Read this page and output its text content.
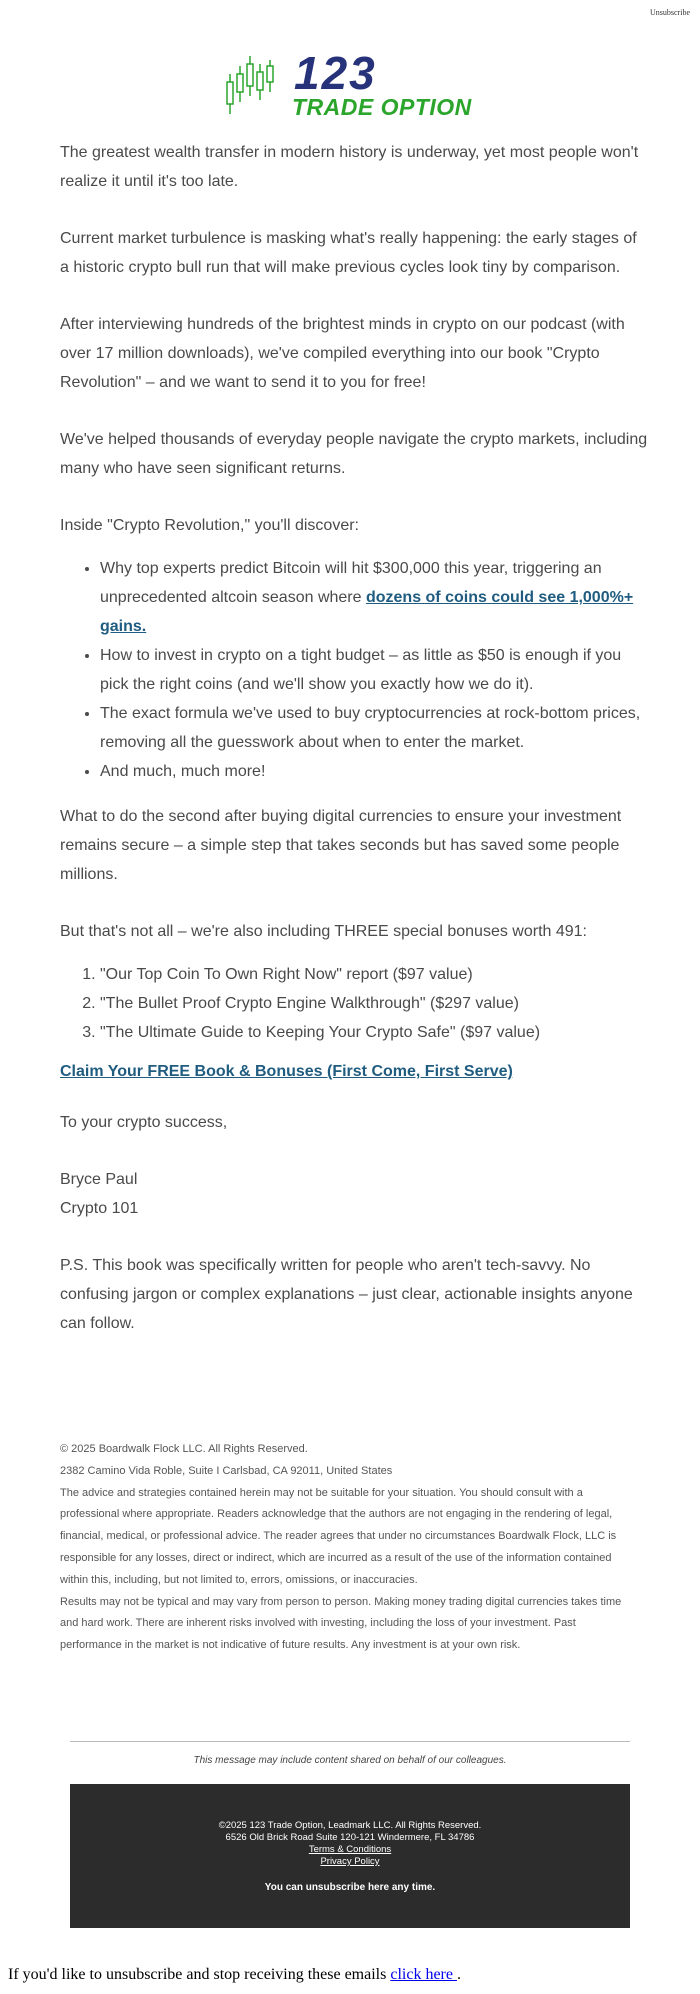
Unsubscribe
123
TRADE OPTION

The greatest wealth transfer in modern history is underway, yet most people won't realize it until it's too late.

Current market turbulence is masking what's really happening: the early stages of a historic crypto bull run that will make previous cycles look tiny by comparison.

After interviewing hundreds of the brightest minds in crypto on our podcast (with over 17 million downloads), we've compiled everything into our book "Crypto Revolution" – and we want to send it to you for free!

We've helped thousands of everyday people navigate the crypto markets, including many who have seen significant returns.

Inside "Crypto Revolution," you'll discover:

• Why top experts predict Bitcoin will hit $300,000 this year, triggering an unprecedented altcoin season where dozens of coins could see 1,000%+ gains.
• How to invest in crypto on a tight budget – as little as $50 is enough if you pick the right coins (and we'll show you exactly how we do it).
• The exact formula we've used to buy cryptocurrencies at rock-bottom prices, removing all the guesswork about when to enter the market.
• And much, much more!

What to do the second after buying digital currencies to ensure your investment remains secure – a simple step that takes seconds but has saved some people millions.

But that's not all – we're also including THREE special bonuses worth 491:

1. "Our Top Coin To Own Right Now" report ($97 value)
2. "The Bullet Proof Crypto Engine Walkthrough" ($297 value)
3. "The Ultimate Guide to Keeping Your Crypto Safe" ($97 value)
Claim Your FREE Book & Bonuses (First Come, First Serve)

To your crypto success,

Bryce Paul
Crypto 101

P.S. This book was specifically written for people who aren't tech-savvy. No confusing jargon or complex explanations – just clear, actionable insights anyone can follow.

© 2025 Boardwalk Flock LLC. All Rights Reserved.
2382 Camino Vida Roble, Suite I Carlsbad, CA 92011, United States
The advice and strategies contained herein may not be suitable for your situation. You should consult with a professional where appropriate. Readers acknowledge that the authors are not engaging in the rendering of legal, financial, medical, or professional advice. The reader agrees that under no circumstances Boardwalk Flock, LLC is responsible for any losses, direct or indirect, which are incurred as a result of the use of the information contained within this, including, but not limited to, errors, omissions, or inaccuracies.
Results may not be typical and may vary from person to person. Making money trading digital currencies takes time and hard work. There are inherent risks involved with investing, including the loss of your investment. Past performance in the market is not indicative of future results. Any investment is at your own risk.
This message may include content shared on behalf of our colleagues.
©2025 123 Trade Option, Leadmark LLC. All Rights Reserved.
6526 Old Brick Road Suite 120-121 Windermere, FL 34786
Terms & Conditions
Privacy Policy
You can unsubscribe here any time.
If you'd like to unsubscribe and stop receiving these emails click here .
